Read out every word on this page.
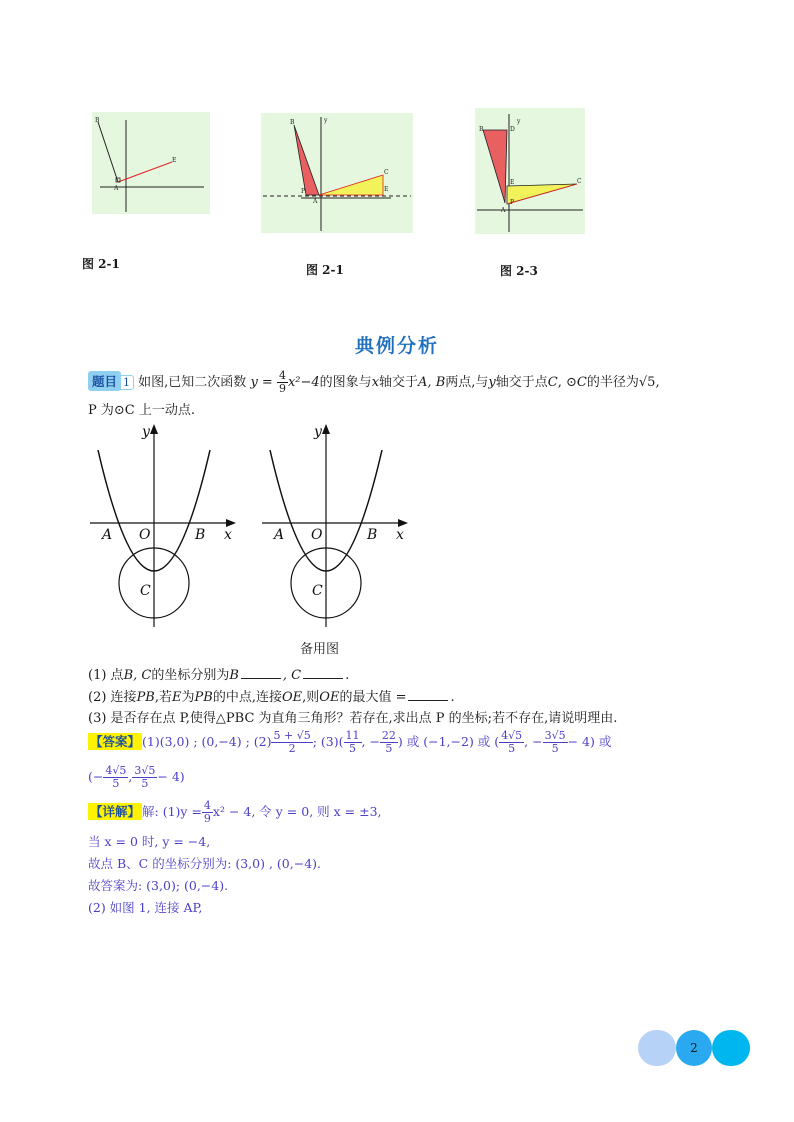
B
E
A
图 2-1
B
C
E
A
P
y
图 2-1
B	D
C
E
A
P
y
图 2-3
典例分析
题目 1 如图,已知二次函数 $y = \frac{4}{9} x^2-4$的图象与x轴交于A, B两点,与y轴交于点C, ⊙C的半径为√5,
P 为⊙C 上一动点.
y
O
A	B x
C
y
O
A	B x
C
备用图
(1) 点B, C的坐标分别为B	, C	.
(2) 连接PB,若E为PB的中点,连接OE,则OE的最大值 =	.
(3) 是否存在点 P,使得△PBC 为直角三角形？若存在,求出点 P 的坐标;若不存在,请说明理由.
【答案】 (1)(3,0) ; (0,−4) ; $(2) \frac{5 + √5}{2}$ ; $(3)( \frac{11}{5}$ , − $\frac{22}{5}$ ) 或 (−1,−2) 或 ( $\frac{4√5}{5}$ , − $\frac{3√5}{5} - 4$) 或
(− $\frac{4√5}{5}$ , $\frac{3√5}{5} - 4$)
【详解】 解: $(1)y = \frac{4}{9} x^2 - 4$, 令 y = 0, 则 x = ±3,
当 x = 0 时, y = −4,
故点 B、C 的坐标分别为: (3,0) , (0,−4).
故答案为: (3,0); (0,−4).
(2) 如图 1, 连接 AP,
2
